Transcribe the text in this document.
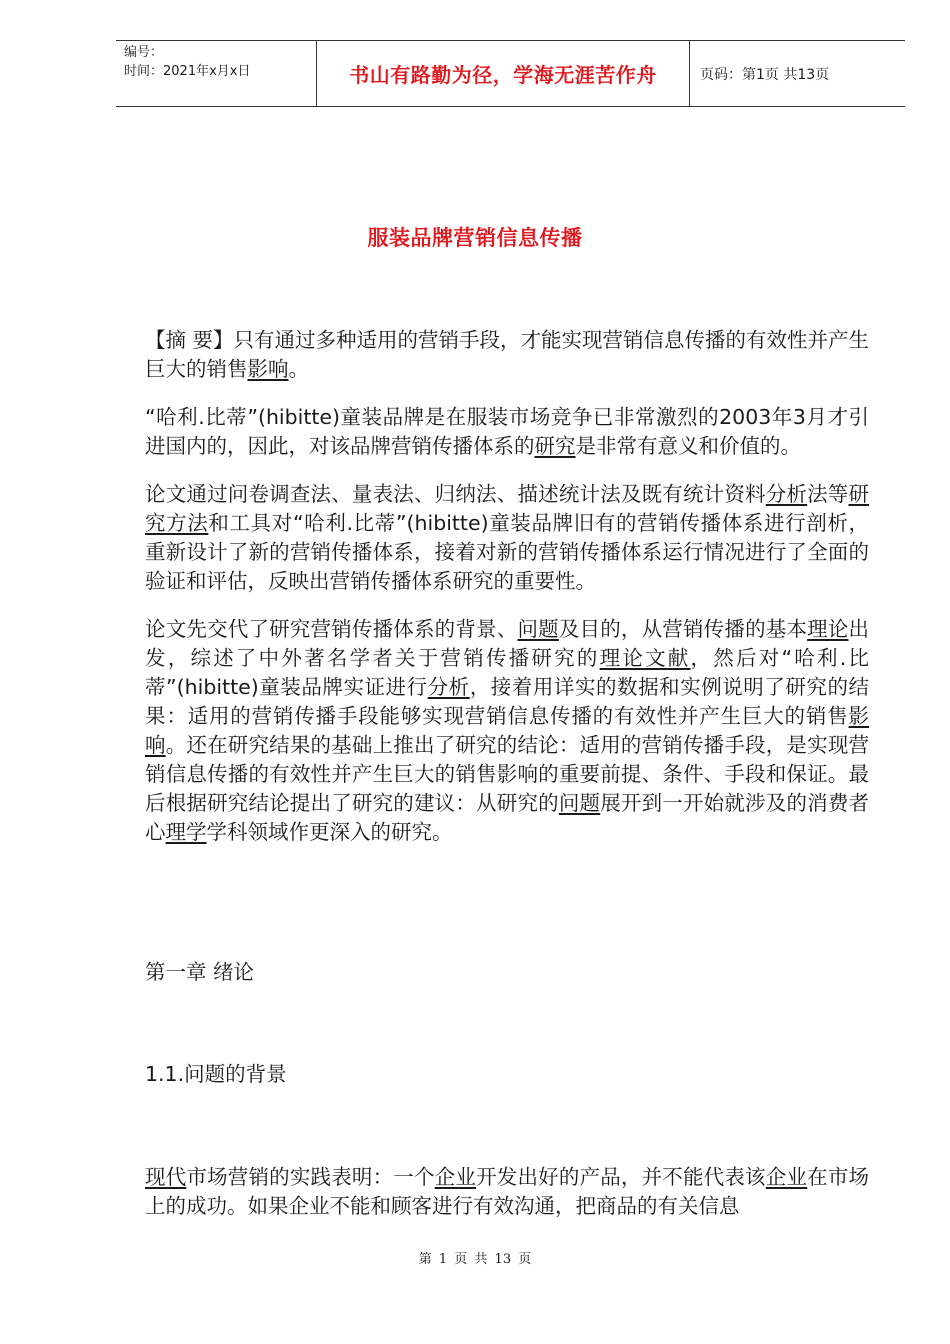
编号：
时间：2021年x月x日	书山有路勤为径，学海无涯苦作舟	页码：第1页 共13页
服装品牌营销信息传播

【摘 要】只有通过多种适用的营销手段，才能实现营销信息传播的有效性并产生巨大的销售影响。

“哈利.比蒂”(hibitte)童装品牌是在服装市场竞争已非常激烈的2003年3月才引进国内的，因此，对该品牌营销传播体系的研究是非常有意义和价值的。

论文通过问卷调查法、量表法、归纳法、描述统计法及既有统计资料分析法等研究方法和工具对“哈利.比蒂”(hibitte)童装品牌旧有的营销传播体系进行剖析，重新设计了新的营销传播体系，接着对新的营销传播体系运行情况进行了全面的验证和评估，反映出营销传播体系研究的重要性。

论文先交代了研究营销传播体系的背景、问题及目的，从营销传播的基本理论出发，综述了中外著名学者关于营销传播研究的理论文献，然后对“哈利.比蒂”(hibitte)童装品牌实证进行分析，接着用详实的数据和实例说明了研究的结果：适用的营销传播手段能够实现营销信息传播的有效性并产生巨大的销售影响。还在研究结果的基础上推出了研究的结论：适用的营销传播手段，是实现营销信息传播的有效性并产生巨大的销售影响的重要前提、条件、手段和保证。最后根据研究结论提出了研究的建议：从研究的问题展开到一开始就涉及的消费者心理学学科领域作更深入的研究。

第一章 绪论
1.1.问题的背景
现代市场营销的实践表明：一个企业开发出好的产品，并不能代表该企业在市场上的成功。如果企业不能和顾客进行有效沟通，把商品的有关信息
第 1 页 共 13 页
